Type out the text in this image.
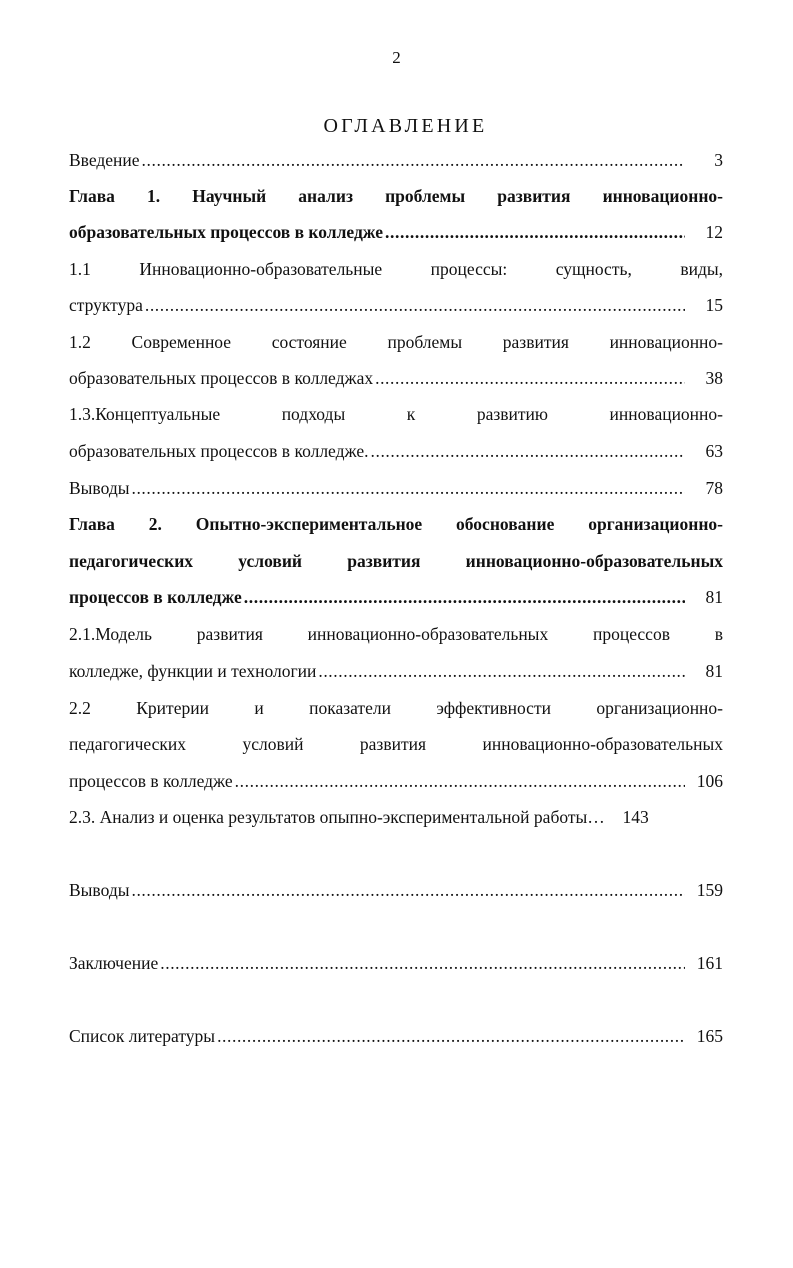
2
ОГЛАВЛЕНИЕ
Введение .....	3
Глава 1. Научный анализ проблемы развития инновационно-
образовательных процессов в колледже .....	12
1.1 Инновационно-образовательные процессы: сущность, виды,
структура .....	15
1.2 Современное состояние проблемы развития инновационно-
образовательных процессов в колледжах .....	38
1.3.Концептуальные подходы к развитию инновационно-
образовательных процессов в колледже. .....	63
Выводы .....	78
Глава 2. Опытно-экспериментальное обоснование организационно-
педагогических условий развития инновационно-образовательных
процессов в колледже .....	81
2.1.Модель развития инновационно-образовательных процессов в
колледже, функции и технологии .....	81
2.2 Критерии и показатели эффективности организационно-
педагогических условий развития инновационно-образовательных
процессов в колледже .....	106
2.3. Анализ и оценка результатов опыпно-экспериментальной работы… 143
Выводы .....	159
Заключение .....	161
Список литературы .....	165
